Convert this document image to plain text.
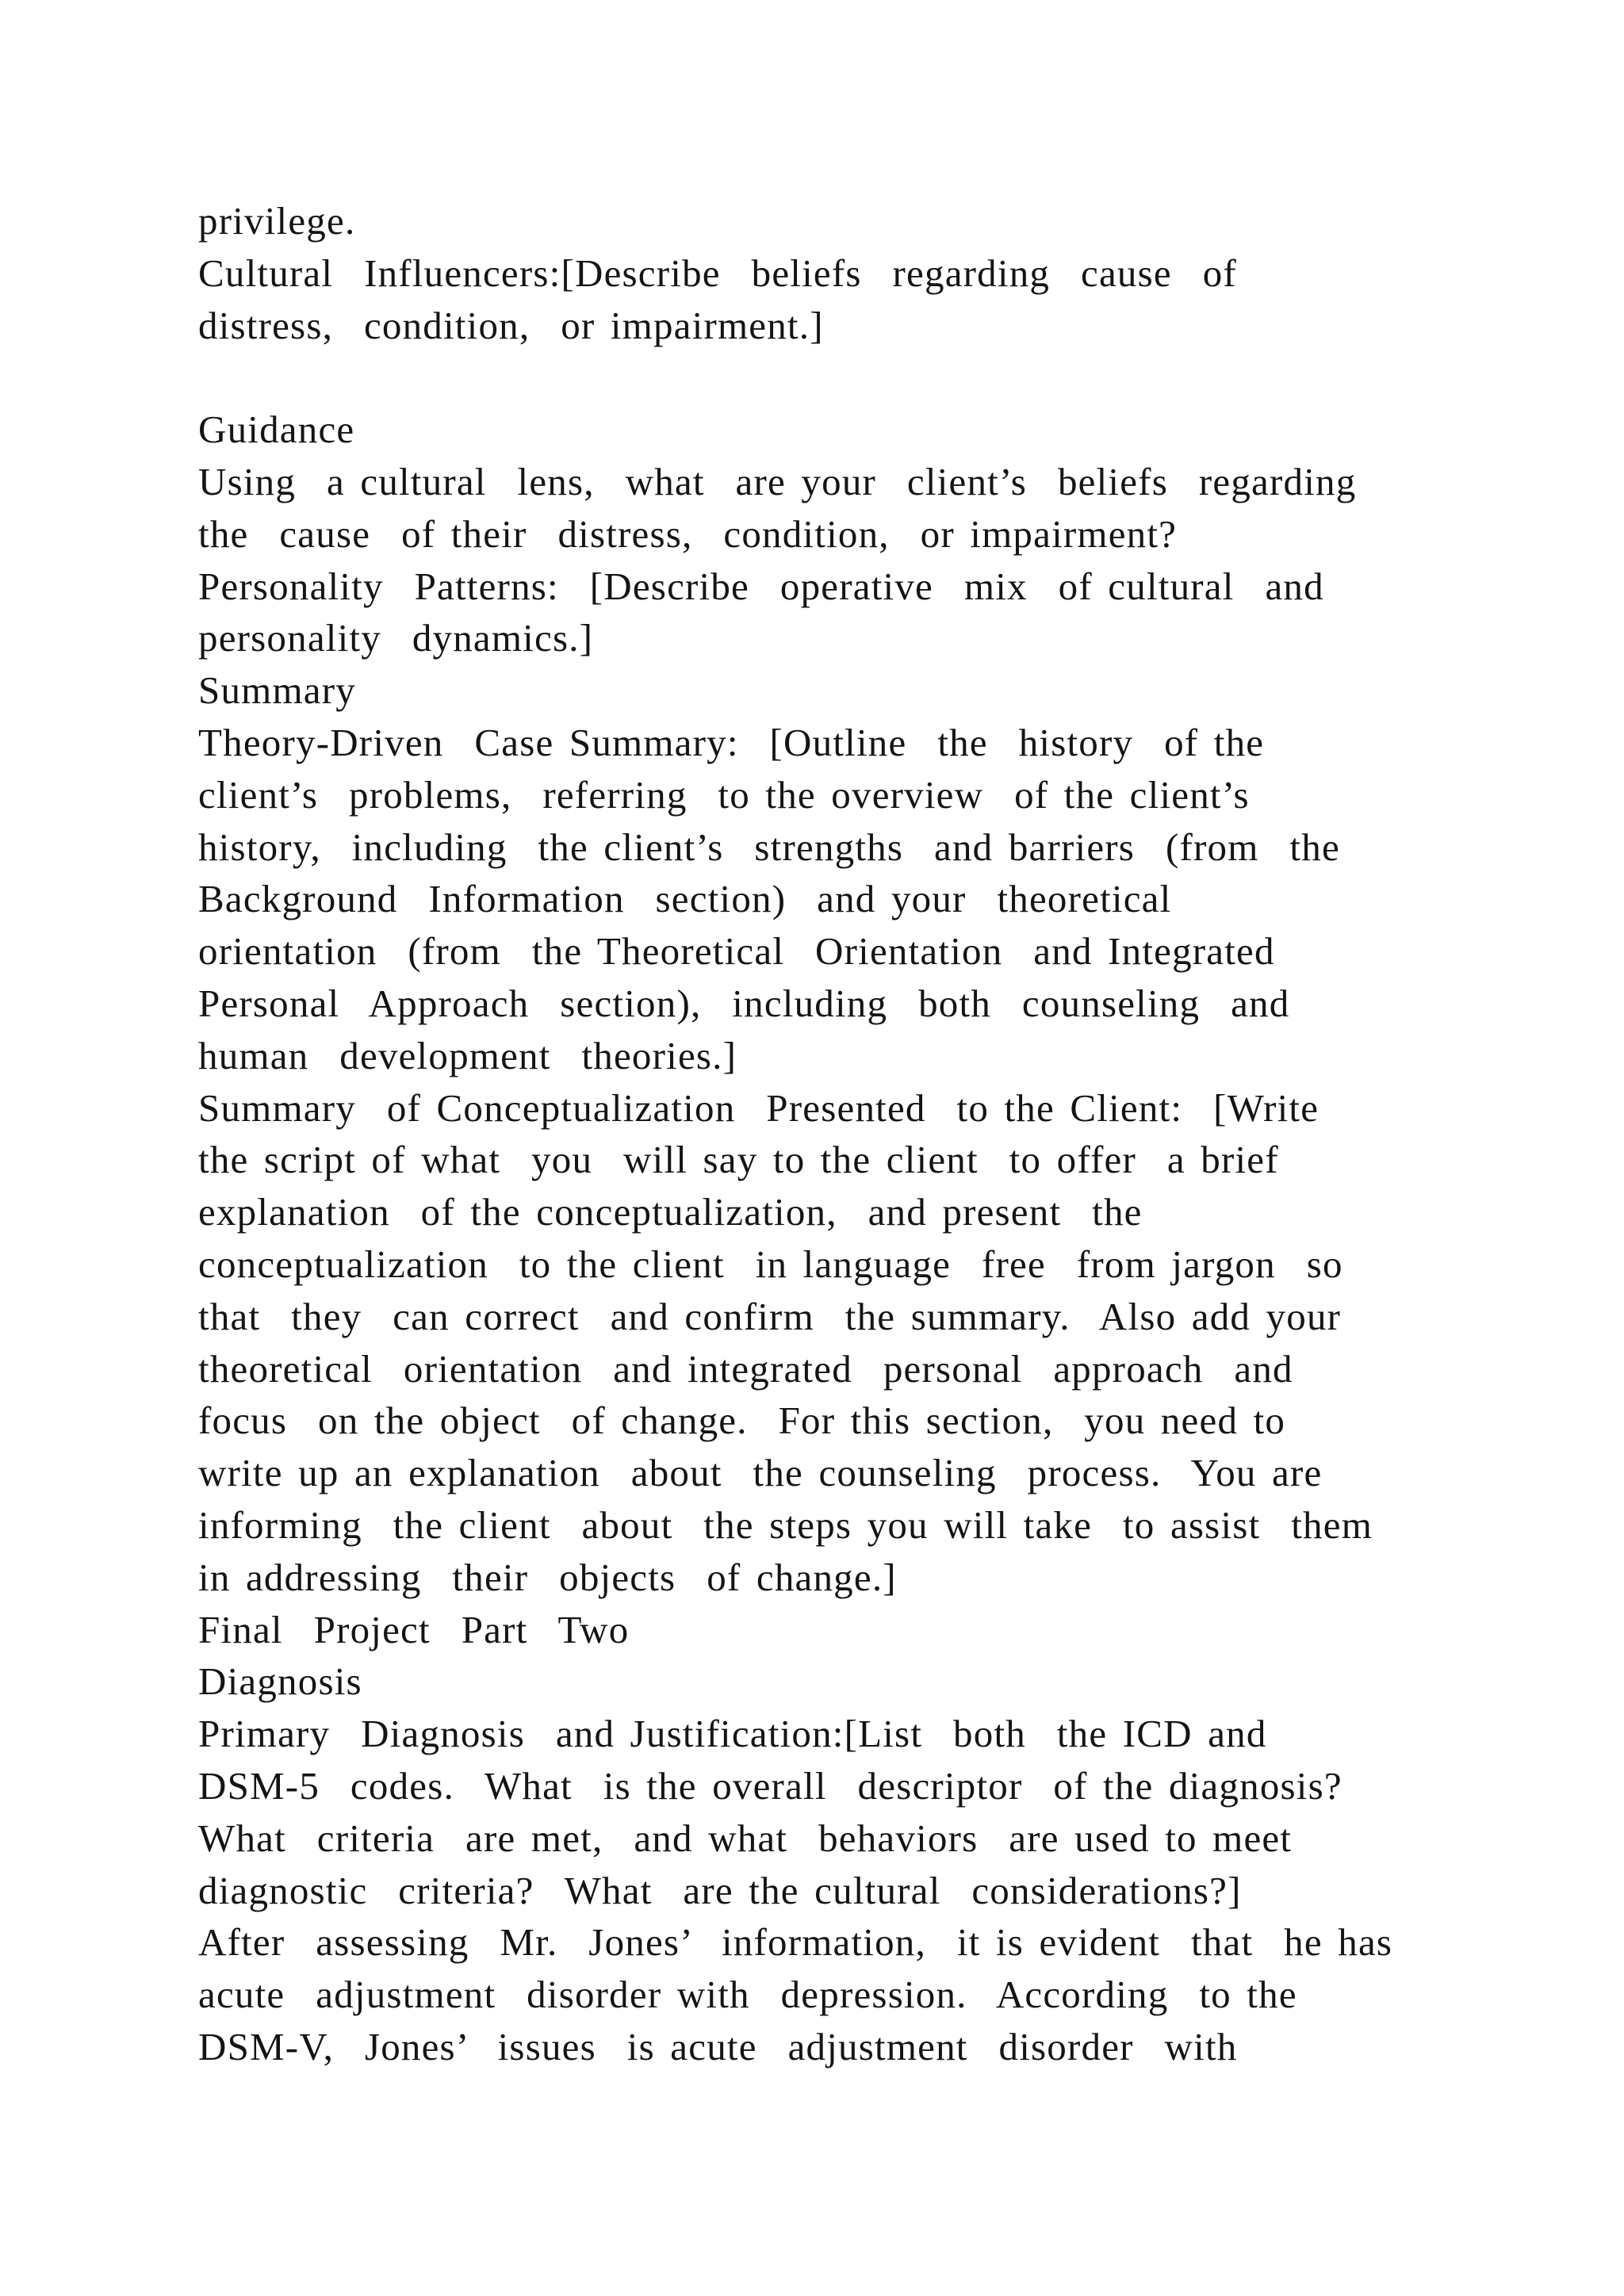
privilege.
Cultural  Influencers:[Describe  beliefs  regarding  cause  of
distress,  condition,  or impairment.]
Guidance
Using  a cultural  lens,  what  are your  client’s  beliefs  regarding
the  cause  of their  distress,  condition,  or impairment?
Personality  Patterns:  [Describe  operative  mix  of cultural  and
personality  dynamics.]
Summary
Theory-Driven  Case Summary:  [Outline  the  history  of the
client’s  problems,  referring  to the overview  of the client’s
history,  including  the client’s  strengths  and barriers  (from  the
Background  Information  section)  and your  theoretical
orientation  (from  the Theoretical  Orientation  and Integrated
Personal  Approach  section),  including  both  counseling  and
human  development  theories.]
Summary  of Conceptualization  Presented  to the Client:  [Write
the script of what  you  will say to the client  to offer  a brief
explanation  of the conceptualization,  and present  the
conceptualization  to the client  in language  free  from jargon  so
that  they  can correct  and confirm  the summary.  Also add your
theoretical  orientation  and integrated  personal  approach  and
focus  on the object  of change.  For this section,  you need to
write up an explanation  about  the counseling  process.  You are
informing  the client  about  the steps you will take  to assist  them
in addressing  their  objects  of change.]
Final  Project  Part  Two
Diagnosis
Primary  Diagnosis  and Justification:[List  both  the ICD and
DSM-5  codes.  What  is the overall  descriptor  of the diagnosis?
What  criteria  are met,  and what  behaviors  are used to meet
diagnostic  criteria?  What  are the cultural  considerations?]
After  assessing  Mr.  Jones’  information,  it is evident  that  he has
acute  adjustment  disorder with  depression.  According  to the
DSM-V,  Jones’  issues  is acute  adjustment  disorder  with
